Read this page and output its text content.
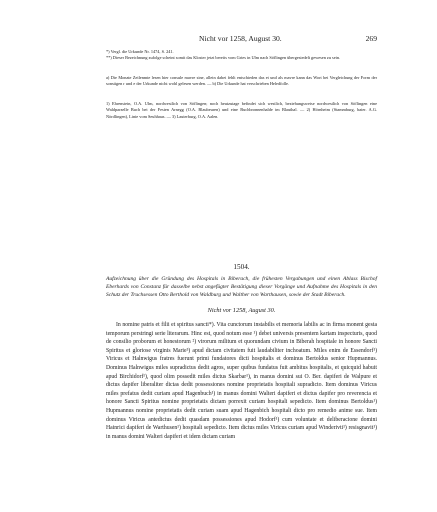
Nicht vor 1258, August 30.	269

*) Vergl. die Urkunde Nr. 1474, S. 241.

**) Dieser Bezeichnung zufolge scheint somit das Kloster jetzt bereits vom Gries in Ulm nach Söflingen übergesiedelt gewesen zu sein.

a) Die Monate Zeilenmte lesen hier consule mavre sine, allein dabei fehlt entschieden das et und als mavre kann das Wort bei Vergleichung der Form der sonstigen r und e der Urkunde nicht wohl gelesen werden. — b) Die Urkunde hat verschrieben Heledfolle.

1) Ehrenstein, O.A. Ulm, nordwestlich von Söflingen; noch heutzutage befindet sich westlich, beziehungsweise nordwestlich von Söflingen eine Waldparzelle Buch bei der Festen Arnegg (O.A. Blaubeuren) und eine Buchbronnenhalde im Blauthal. — 2) Hörnheim (Stammburg, baier. A.G. Nördlingen), Linie vom Seuhhaus. — 3) Lauterburg, O.A. Aalen.

1504.

Aufzeichnung über die Gründung des Hospitals in Biberach, die frühesten Vergabungen und einen Ablass Bischof Eberhards von Constanz für dasselbe nebst angefügter Bestätigung dieser Vorgänge und Aufnahme des Hospitals in den Schutz der Truchsessen Otto Berthold von Waldburg und Walther von Warthausen, sowie der Stadt Biberach.

Nicht vor 1258, August 30.

In nomine patris et filii et spiritus sancti*). Vita cunctorum instabilis et memoria labilis ac in firma monent gesta temporum perstringi serie literarum. Hinc est, quod notum esse ¹) debet universis presentem kartam inspecturis, quod de consilio proborum et honestorum ²) virorum militum et quorundam civium in Biberah hospitale in honore Sancti Spiritus et gloriose virginis Marie³) apud dictam civitatem fuit laudabiliter inchoatum. Miles enim de Essendorf¹) Viricus et Halnwigus fratres fuerunt primi fundatores dicti hospitalis et dominus Bertoldus senior Hupmannus. Dominus Halnwigus miles supradictus dedit agros, super quibus fundatus fuit ambitus hospitalis, et quicquid habuit apud Birchidorf¹), quod olim possedit miles dictus Skarbar¹), in manus domini sui O. Ber. dapiferi de Walpure et dictus dapifer liberaliter dictas dedit possessiones nomine proprietatis hospitali supradicto. Item dominus Viricus miles prefatus dedit curiam apud Hagenbuch¹) in manus domini Walteri dapiferi et dictus dapifer pro reverencia et honore Sancti Spiritus nomine proprietatis dictam porrexit curiam hospitali sepedicto. Item dominus Bertoldus¹) Hupmannus nomine proprietatis dedit curiam suam apud Hagenbich hospitali dicto pro remedio anime sue. Item dominus Viricus antedictus dedit quasdam possessiones apud Hodorf¹) cum voluntate et deliberacione domini Hainrici dapiferi de Warthusen¹) hospitali sepedicto. Item dictus miles Viricus curiam apud Winderivti¹) resisgnavit¹) in manus domini Walteri dapiferi et idem dictam curiam
